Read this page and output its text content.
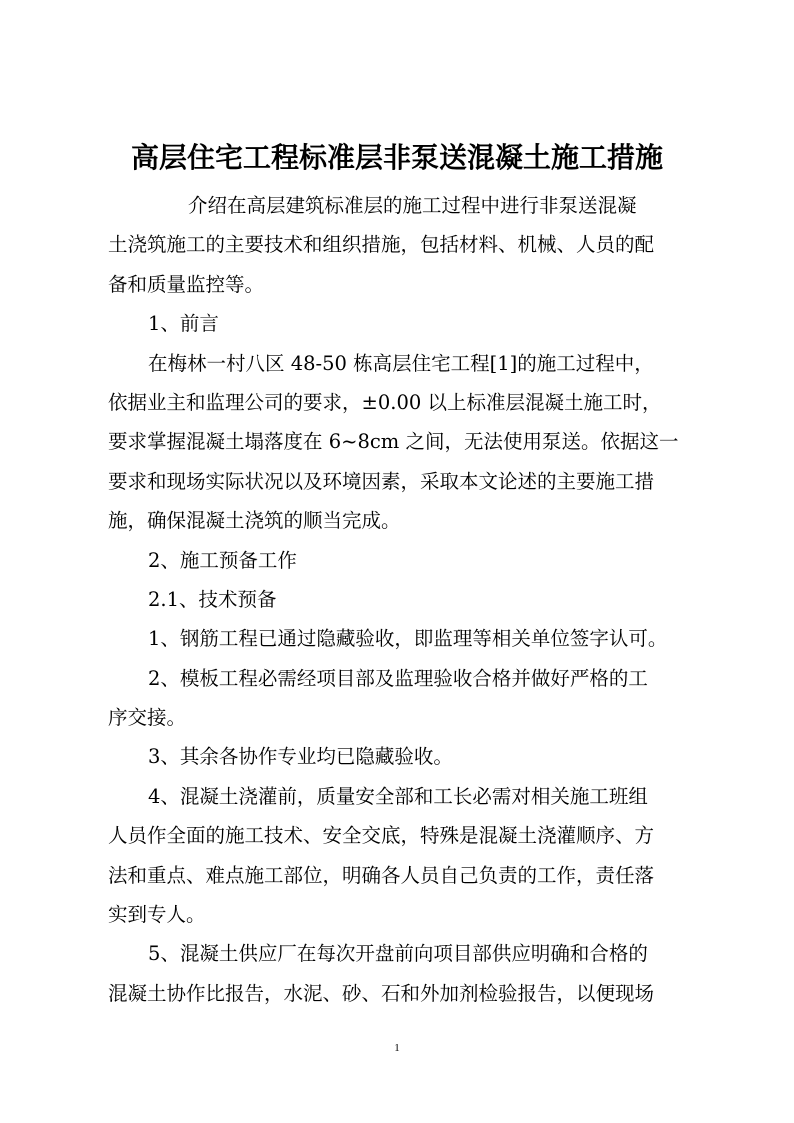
高层住宅工程标准层非泵送混凝土施工措施
介绍在高层建筑标准层的施工过程中进行非泵送混凝
土浇筑施工的主要技术和组织措施，包括材料、机械、人员的配
备和质量监控等。
1、前言
在梅林一村八区 48-50 栋高层住宅工程[1]的施工过程中，
依据业主和监理公司的要求，±0.00 以上标准层混凝土施工时，
要求掌握混凝土塌落度在 6~8cm 之间，无法使用泵送。依据这一
要求和现场实际状况以及环境因素，采取本文论述的主要施工措
施，确保混凝土浇筑的顺当完成。
2、施工预备工作
2.1、技术预备
1、钢筋工程已通过隐藏验收，即监理等相关单位签字认可。
2、模板工程必需经项目部及监理验收合格并做好严格的工
序交接。
3、其余各协作专业均已隐藏验收。
4、混凝土浇灌前，质量安全部和工长必需对相关施工班组
人员作全面的施工技术、安全交底，特殊是混凝土浇灌顺序、方
法和重点、难点施工部位，明确各人员自己负责的工作，责任落
实到专人。
5、混凝土供应厂在每次开盘前向项目部供应明确和合格的
混凝土协作比报告，水泥、砂、石和外加剂检验报告，以便现场
1
